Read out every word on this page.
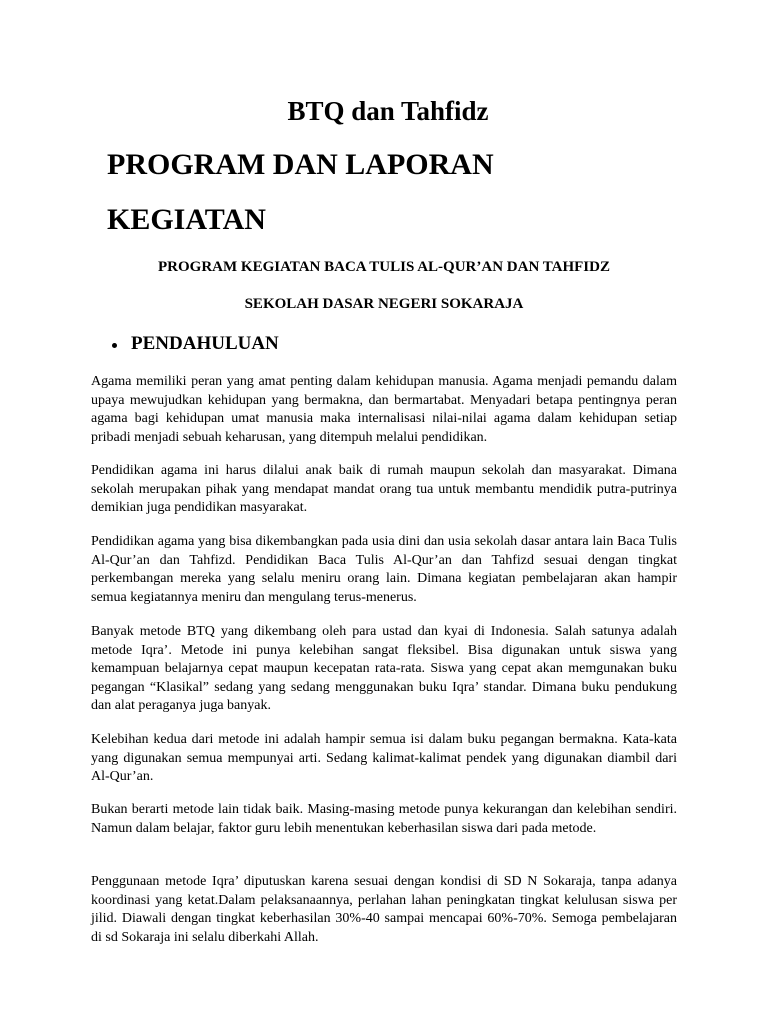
BTQ dan Tahfidz
PROGRAM DAN LAPORAN
KEGIATAN
PROGRAM KEGIATAN BACA TULIS AL-QUR’AN DAN TAHFIDZ
SEKOLAH DASAR NEGERI SOKARAJA
PENDAHULUAN

Agama memiliki peran yang amat penting dalam kehidupan manusia. Agama menjadi pemandu dalam upaya mewujudkan kehidupan yang bermakna, dan bermartabat. Menyadari betapa pentingnya peran agama bagi kehidupan umat manusia maka internalisasi nilai-nilai agama dalam kehidupan setiap pribadi menjadi sebuah keharusan, yang ditempuh melalui pendidikan.

Pendidikan agama ini harus dilalui anak baik di rumah maupun sekolah dan masyarakat. Dimana sekolah merupakan pihak yang mendapat mandat orang tua untuk membantu mendidik putra-putrinya demikian juga pendidikan masyarakat.

Pendidikan agama yang bisa dikembangkan pada usia dini dan usia sekolah dasar antara lain Baca Tulis Al-Qur’an dan Tahfizd. Pendidikan Baca Tulis Al-Qur’an dan Tahfizd sesuai dengan tingkat perkembangan mereka yang selalu meniru orang lain. Dimana kegiatan pembelajaran akan hampir semua kegiatannya meniru dan mengulang terus-menerus.

Banyak metode BTQ yang dikembang oleh para ustad dan kyai di Indonesia. Salah satunya adalah metode Iqra’. Metode ini punya kelebihan sangat fleksibel. Bisa digunakan untuk siswa yang kemampuan belajarnya cepat maupun kecepatan rata-rata. Siswa yang cepat akan memgunakan buku pegangan “Klasikal” sedang yang sedang menggunakan buku Iqra’ standar. Dimana buku pendukung dan alat peraganya juga banyak.

Kelebihan kedua dari metode ini adalah hampir semua isi dalam buku pegangan bermakna. Kata-kata yang digunakan semua mempunyai arti. Sedang kalimat-kalimat pendek yang digunakan diambil dari Al-Qur’an.

Bukan berarti metode lain tidak baik. Masing-masing metode punya kekurangan dan kelebihan sendiri. Namun dalam belajar, faktor guru lebih menentukan keberhasilan siswa dari pada metode.

Penggunaan metode Iqra’ diputuskan karena sesuai dengan kondisi di SD N Sokaraja, tanpa adanya koordinasi yang ketat.Dalam pelaksanaannya, perlahan lahan peningkatan tingkat kelulusan siswa per jilid. Diawali dengan tingkat keberhasilan 30%-40 sampai mencapai 60%-70%. Semoga pembelajaran di sd Sokaraja ini selalu diberkahi Allah.
